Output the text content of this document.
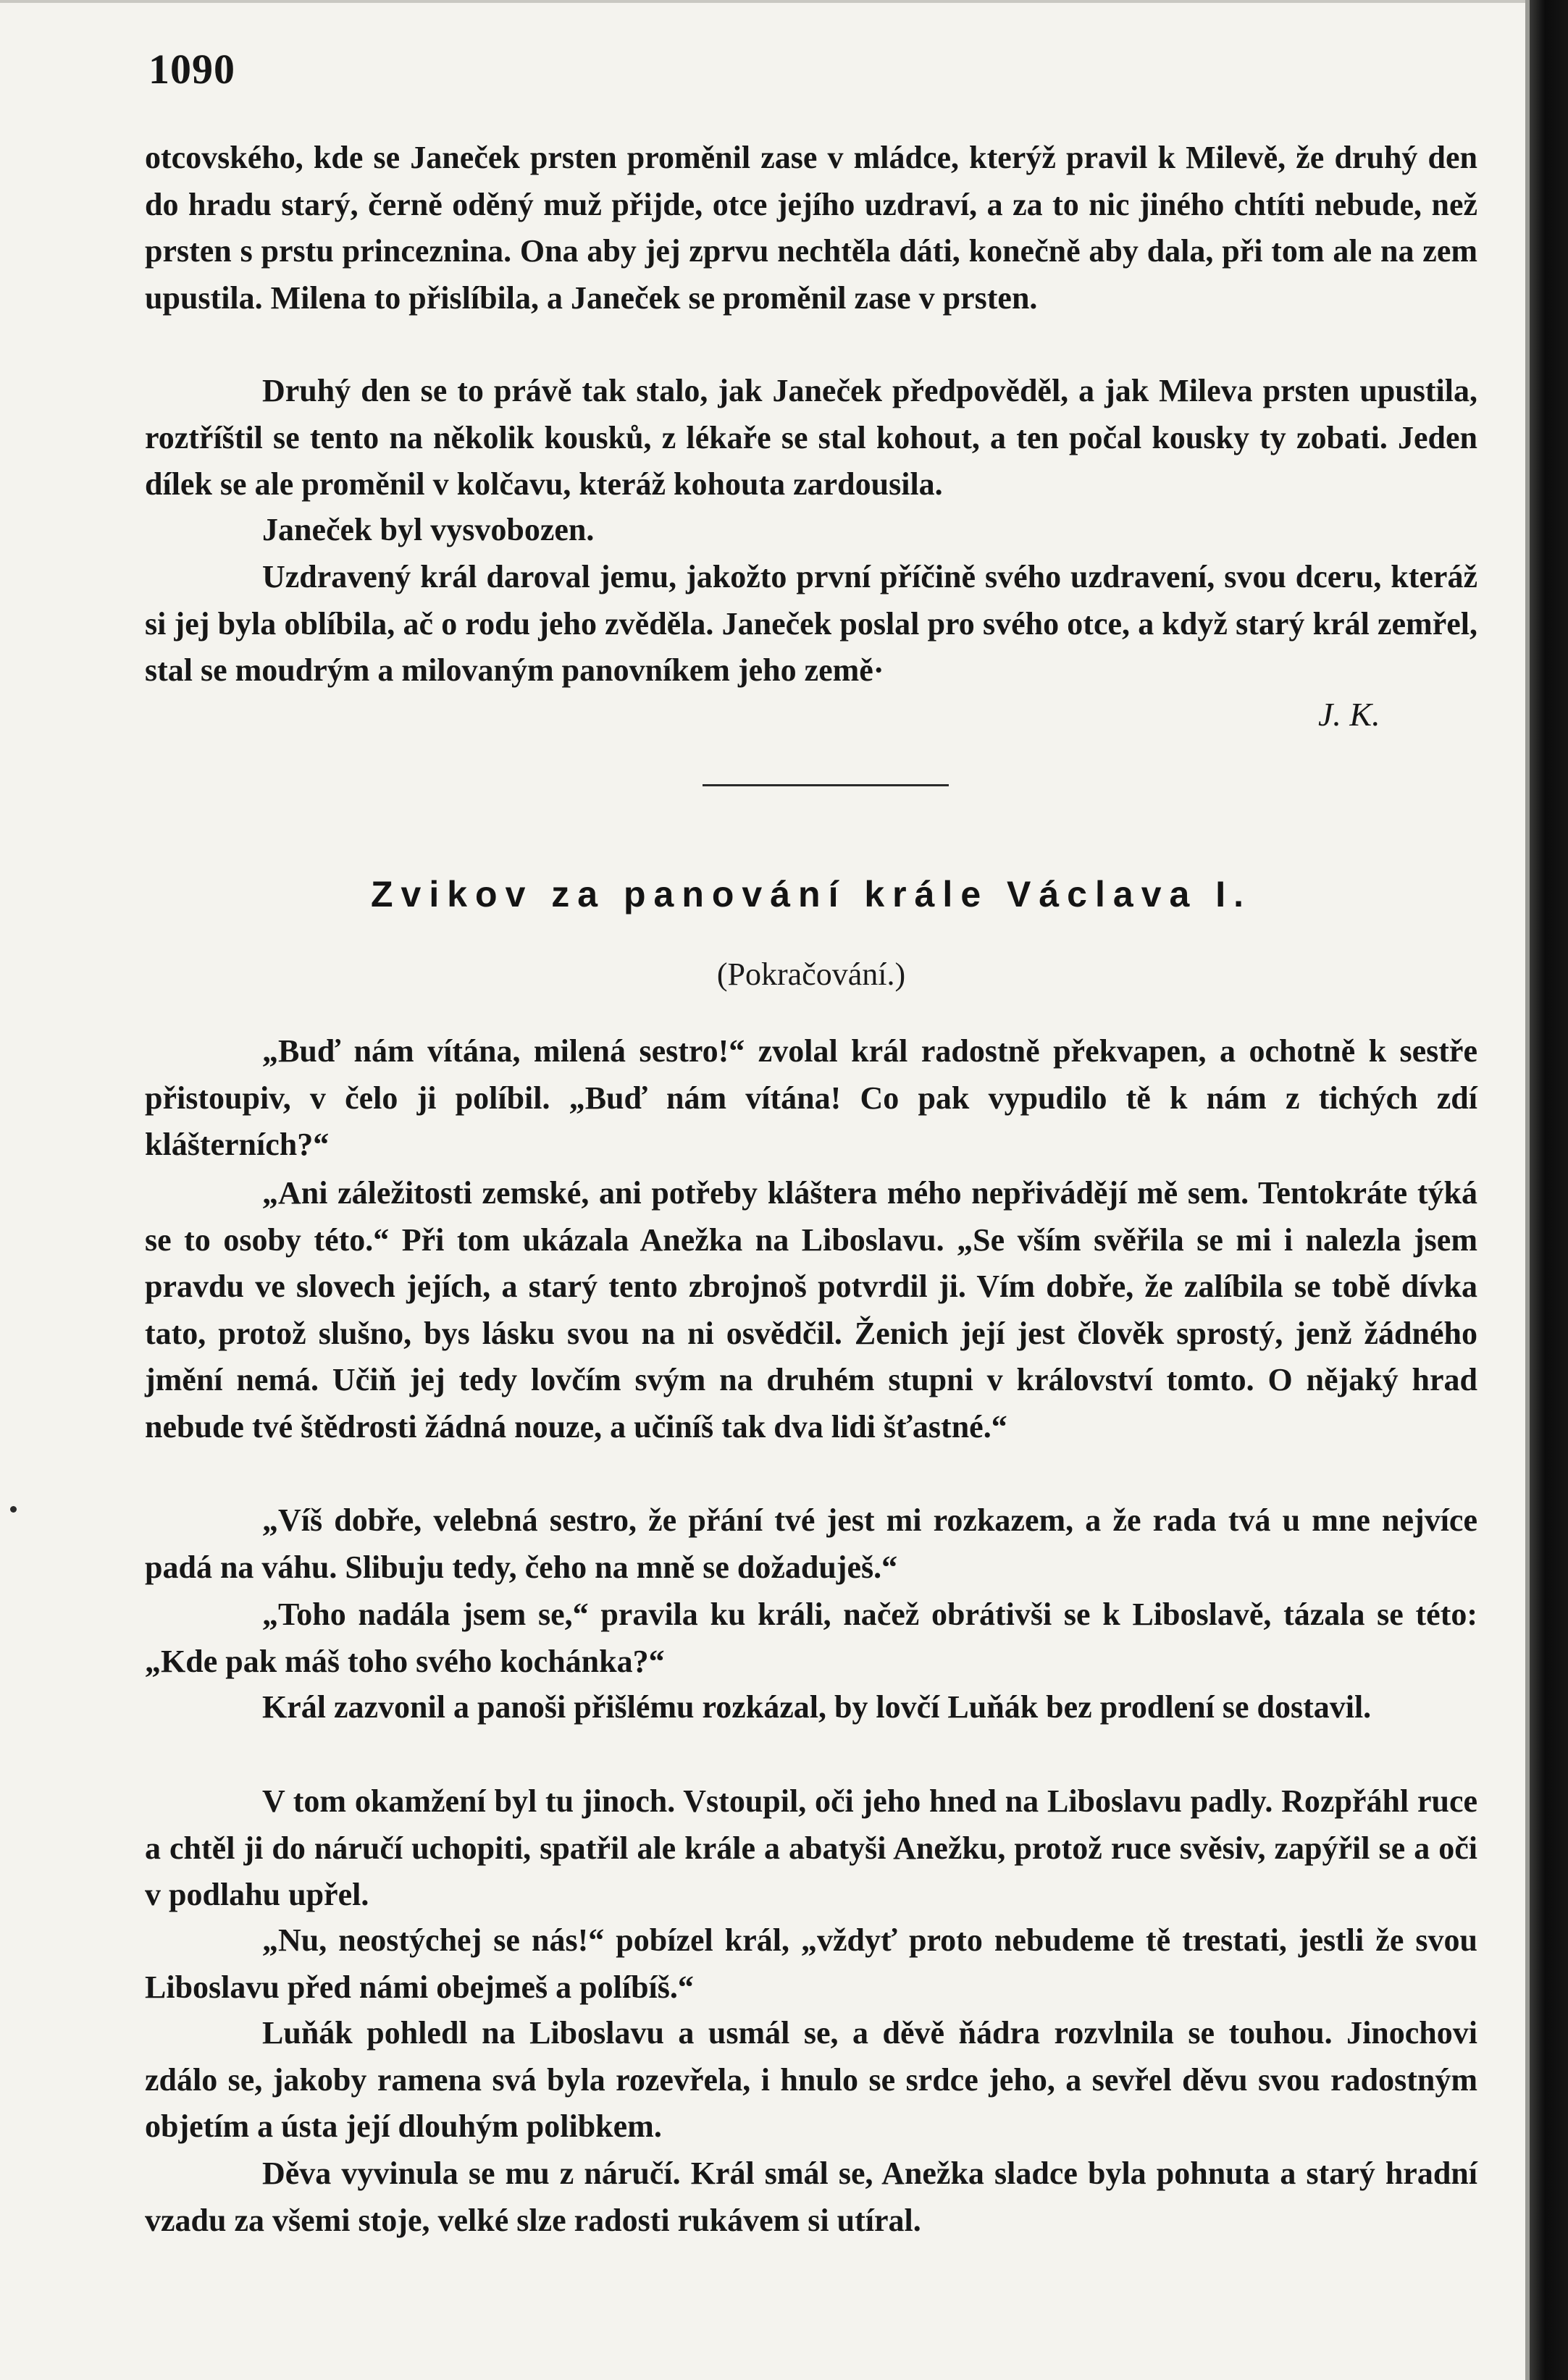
1090

otcovského, kde se Janeček prsten proměnil zase v mládce, kterýž pravil k Milevě, že druhý den do hradu starý, černě oděný muž přijde, otce jejího uzdraví, a za to nic jiného chtíti nebude, než prsten s prstu princeznina. Ona aby jej zprvu nechtěla dáti, konečně aby dala, při tom ale na zem upustila. Milena to přislíbila, a Janeček se proměnil zase v prsten.

Druhý den se to právě tak stalo, jak Janeček předpověděl, a jak Mileva prsten upustila, roztříštil se tento na několik kousků, z lékaře se stal kohout, a ten počal kousky ty zobati. Jeden dílek se ale proměnil v kolčavu, kteráž kohouta zardousila.

Janeček byl vysvobozen.

Uzdravený král daroval jemu, jakožto první příčině svého uzdravení, svou dceru, kteráž si jej byla oblíbila, ač o rodu jeho zvěděla. Janeček poslal pro svého otce, a když starý král zemřel, stal se moudrým a milovaným panovníkem jeho země·

J. K.

Zvikov za panování krále Václava I.

(Pokračování.)

„Buď nám vítána, milená sestro!“ zvolal král radostně překvapen, a ochotně k sestře přistoupiv, v čelo ji políbil. „Buď nám vítána! Co pak vypudilo tě k nám z tichých zdí klášterních?“

„Ani záležitosti zemské, ani potřeby kláštera mého nepřivádějí mě sem. Tentokráte týká se to osoby této.“ Při tom ukázala Anežka na Liboslavu. „Se vším svěřila se mi i nalezla jsem pravdu ve slovech jejích, a starý tento zbrojnoš potvrdil ji. Vím dobře, že zalíbila se tobě dívka tato, protož slušno, bys lásku svou na ni osvědčil. Ženich její jest člověk sprostý, jenž žádného jmění nemá. Učiň jej tedy lovčím svým na druhém stupni v království tomto. O nějaký hrad nebude tvé štědrosti žádná nouze, a učiníš tak dva lidi šťastné.“

„Víš dobře, velebná sestro, že přání tvé jest mi rozkazem, a že rada tvá u mne nejvíce padá na váhu. Slibuju tedy, čeho na mně se dožaduješ.“

„Toho nadála jsem se,“ pravila ku králi, načež obrátivši se k Liboslavě, tázala se této: „Kde pak máš toho svého kochánka?“

Král zazvonil a panoši přišlému rozkázal, by lovčí Luňák bez prodlení se dostavil.

V tom okamžení byl tu jinoch. Vstoupil, oči jeho hned na Liboslavu padly. Rozpřáhl ruce a chtěl ji do náručí uchopiti, spatřil ale krále a abatyši Anežku, protož ruce svěsiv, zapýřil se a oči v podlahu upřel.

„Nu, neostýchej se nás!“ pobízel král, „vždyť proto nebudeme tě trestati, jestli že svou Liboslavu před námi obejmeš a políbíš.“

Luňák pohledl na Liboslavu a usmál se, a děvě ňádra rozvlnila se touhou. Jinochovi zdálo se, jakoby ramena svá byla rozevřela, i hnulo se srdce jeho, a sevřel děvu svou radostným objetím a ústa její dlouhým polibkem.

Děva vyvinula se mu z náručí. Král smál se, Anežka sladce byla pohnuta a starý hradní vzadu za všemi stoje, velké slze radosti rukávem si utíral.
